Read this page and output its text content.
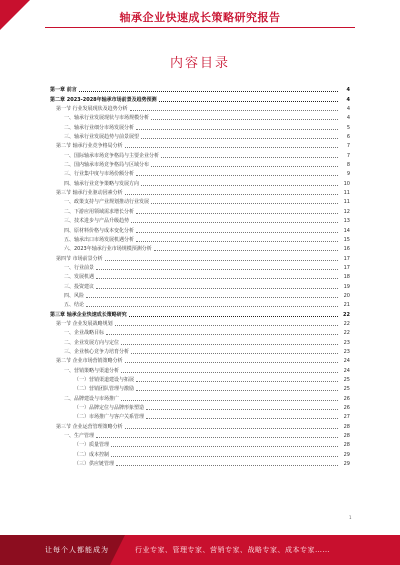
轴承企业快速成长策略研究报告
内容目录
第一章 前言	4
第二章 2023-2028年轴承市场前景及趋势预测	4
第一节 行业发展现状及趋势分析	4
一、轴承行业发展现状与市场规模分析	4
二、轴承行业细分市场发展分析	5
三、轴承行业发展趋势与前景展望	6
第二节 轴承行业竞争格局分析	7
一、国际轴承市场竞争格局与主要企业分析	7
二、国内轴承市场竞争格局与区域分布	8
三、行业集中度与市场份额分析	9
四、轴承行业竞争策略与发展方向	10
第三节 轴承行业驱动因素分析	11
一、政策支持与产业规划推动行业发展	11
二、下游应用领域需求增长分析	12
三、技术进步与产品升级趋势	13
四、原材料价格与成本变化分析	14
五、轴承出口市场发展机遇分析	15
六、2023年轴承行业市场规模预测分析	16
第四节 市场前景分析	17
一、行业前景	17
二、发展机遇	18
三、投资建议	19
四、风险	20
五、结论	21
第三章 轴承企业快速成长策略研究	22
第一节 企业发展战略规划	22
一、企业战略目标	22
二、企业发展方向与定位	23
三、企业核心竞争力培育分析	23
第二节 企业市场营销策略分析	24
一、营销策略与渠道分析	24
（一）营销渠道建设与拓展	25
（二）营销团队管理与激励	25
二、品牌建设与市场推广	26
（一）品牌定位与品牌形象塑造	26
（二）市场推广与客户关系管理	27
第三节 企业运营管理策略分析	28
一、生产管理	28
（一）质量管理	28
（二）成本控制	29
（三）供应链管理	29
1
让每个人都能成为	行业专家、管理专家、营销专家、战略专家、成本专家……
